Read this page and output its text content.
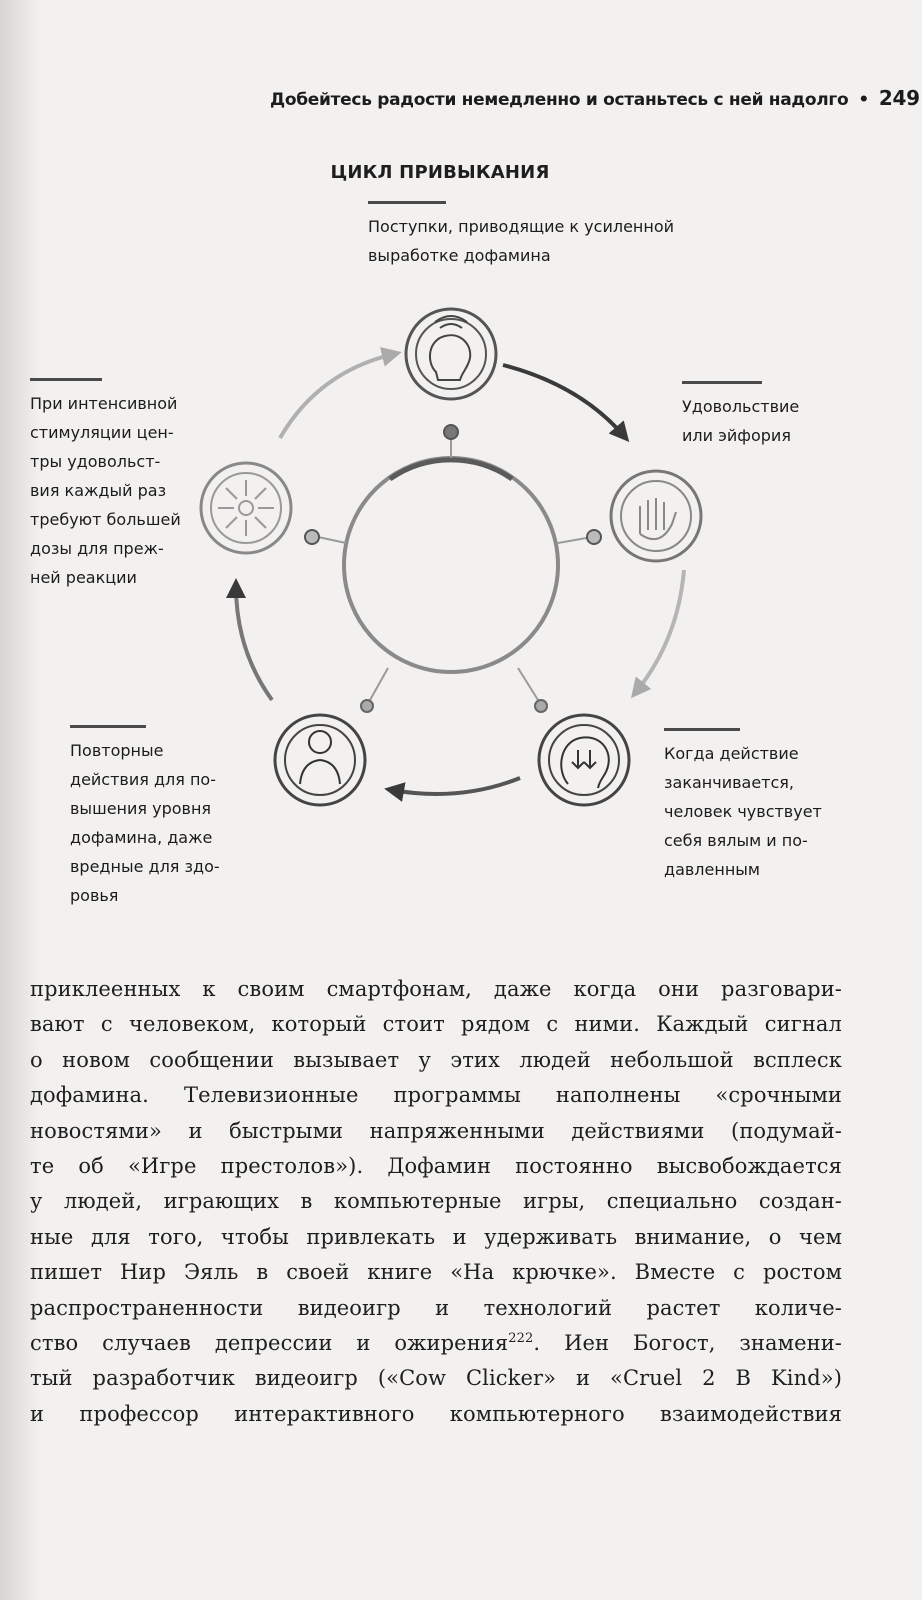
Добейтесь радости немедленно и останьтесь с ней надолго • 249
ЦИКЛ ПРИВЫКАНИЯ
Поступки, приводящие к усиленной
выработке дофамина
Удовольствие
или эйфория
Когда действие
заканчивается,
человек чувствует
себя вялым и по-
давленным
Повторные
действия для по-
вышения уровня
дофамина, даже
вредные для здо-
ровья
При интенсивной
стимуляции цен-
тры удовольст-
вия каждый раз
требуют большей
дозы для преж-
ней реакции
приклеенных к своим смартфонам, даже когда они разговари-
вают с человеком, который стоит рядом с ними. Каждый сигнал
о новом сообщении вызывает у этих людей небольшой всплеск
дофамина. Телевизионные программы наполнены «срочными
новостями» и быстрыми напряженными действиями (подумай-
те об «Игре престолов»). Дофамин постоянно высвобождается
у людей, играющих в компьютерные игры, специально создан-
ные для того, чтобы привлекать и удерживать внимание, о чем
пишет Нир Эяль в своей книге «На крючке». Вместе с ростом
распространенности видеоигр и технологий растет количе-
ство случаев депрессии и ожирения$^{222}$. Иен Богост, знамени-
тый разработчик видеоигр («Cow Clicker» и «Cruel 2 B Kind»)
и профессор интерактивного компьютерного взаимодействия
